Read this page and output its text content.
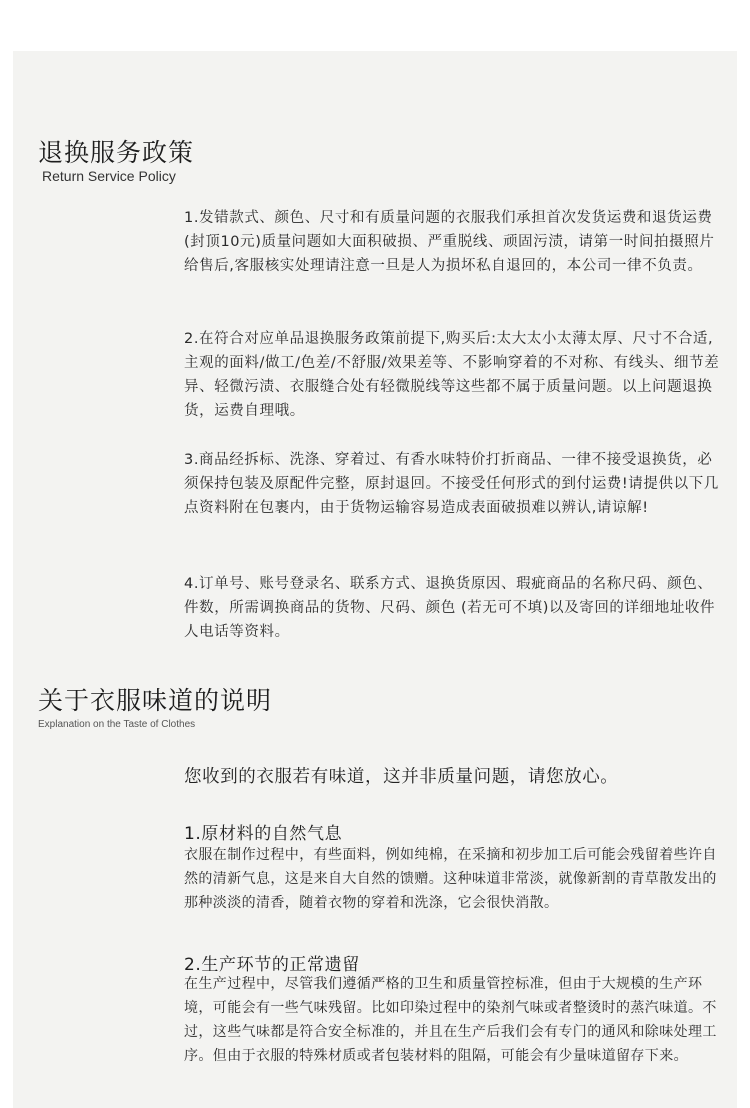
退换服务政策
Return Service Policy

1.发错款式、颜色、尺寸和有质量问题的衣服我们承担首次发货运费和退货运费(封顶10元)质量问题如大面积破损、严重脱线、顽固污渍，请第一时间拍摄照片给售后,客服核实处理请注意一旦是人为损坏私自退回的，本公司一律不负责。

2.在符合对应单品退换服务政策前提下,购买后:太大太小太薄太厚、尺寸不合适,主观的面料/做工/色差/不舒服/效果差等、不影响穿着的不对称、有线头、细节差异、轻微污渍、衣服缝合处有轻微脱线等这些都不属于质量问题。以上问题退换货，运费自理哦。

3.商品经拆标、洗涤、穿着过、有香水味特价打折商品、一律不接受退换货，必须保持包装及原配件完整，原封退回。不接受任何形式的到付运费!请提供以下几点资料附在包裹内，由于货物运输容易造成表面破损难以辨认,请谅解!

4.订单号、账号登录名、联系方式、退换货原因、瑕疵商品的名称尺码、颜色、件数，所需调换商品的货物、尺码、颜色 (若无可不填)以及寄回的详细地址收件人电话等资料。

关于衣服味道的说明
Explanation on the Taste of Clothes

您收到的衣服若有味道，这并非质量问题，请您放心。

1.原材料的自然气息

衣服在制作过程中，有些面料，例如纯棉，在采摘和初步加工后可能会残留着些许自然的清新气息，这是来自大自然的馈赠。这种味道非常淡，就像新割的青草散发出的那种淡淡的清香，随着衣物的穿着和洗涤，它会很快消散。

2.生产环节的正常遗留

在生产过程中，尽管我们遵循严格的卫生和质量管控标准，但由于大规模的生产环境，可能会有一些气味残留。比如印染过程中的染剂气味或者整烫时的蒸汽味道。不过，这些气味都是符合安全标准的，并且在生产后我们会有专门的通风和除味处理工序。但由于衣服的特殊材质或者包装材料的阻隔，可能会有少量味道留存下来。
